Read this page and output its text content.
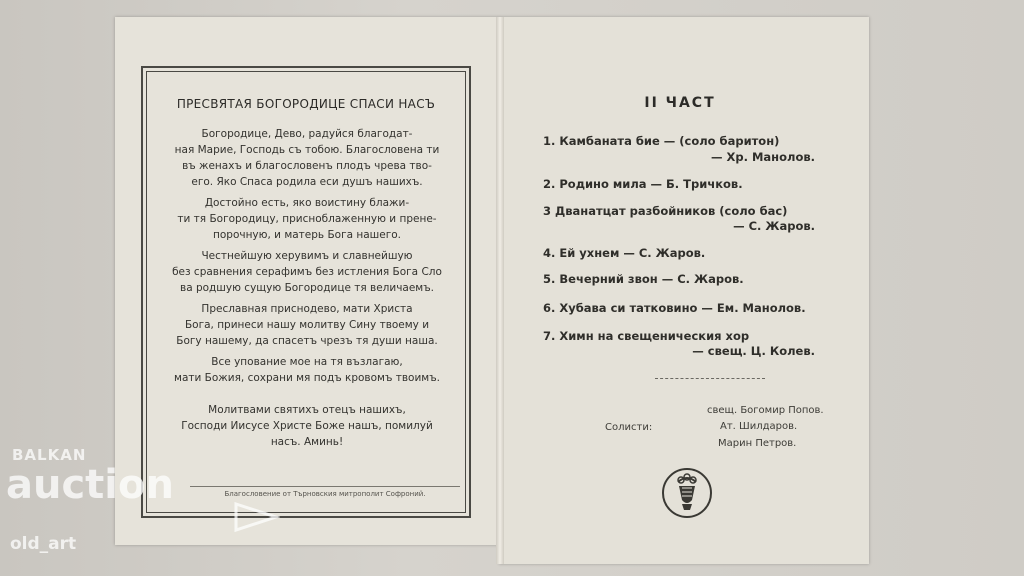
ПРЕСВЯТАЯ БОГОРОДИЦЕ СПАСИ НАСЪ
Богородице, Дево, радуйся благодат-
ная Марие, Господь съ тобою. Благословена ти
въ женахъ и благословенъ плодъ чрева тво-
его. Яко Спаса родила еси душъ нашихъ.
Достойно есть, яко воистину блажи-
ти тя Богородицу, присноблаженную и прене-
порочную, и матерь Бога нашего.
Честнейшую херувимъ и славнейшую
без сравнения серафимъ без истления Бога Сло
ва родшую сущую Богородице тя величаемъ.
Преславная приснодево, мати Христа
Бога, принеси нашу молитву Сину твоему и
Богу нашему, да спасетъ чрезъ тя души наша.
Все упование мое на тя възлагаю,
мати Божия, сохрани мя подъ кровомъ твоимъ.
Молитвами святихъ отецъ нашихъ,
Господи Иисусе Христе Боже нашъ, помилуй
насъ. Аминь!
Благословение от Търновския митрополит Софроний.
II ЧАСТ
1. Камбаната бие — (соло баритон)
— Хр. Манолов.
2. Родино мила — Б. Тричков.
3 Дванатцат разбойников (соло бас)
— С. Жаров.
4. Ей ухнем — С. Жаров.
5. Вечерний звон — С. Жаров.
6. Хубава си татковино — Ем. Манолов.
7. Химн на свещеническия хор
— свещ. Ц. Колев.
свещ. Богомир Попов.
Солисти:	Ат. Шилдаров.
Марин Петров.
BALKAN
auction
old_art
